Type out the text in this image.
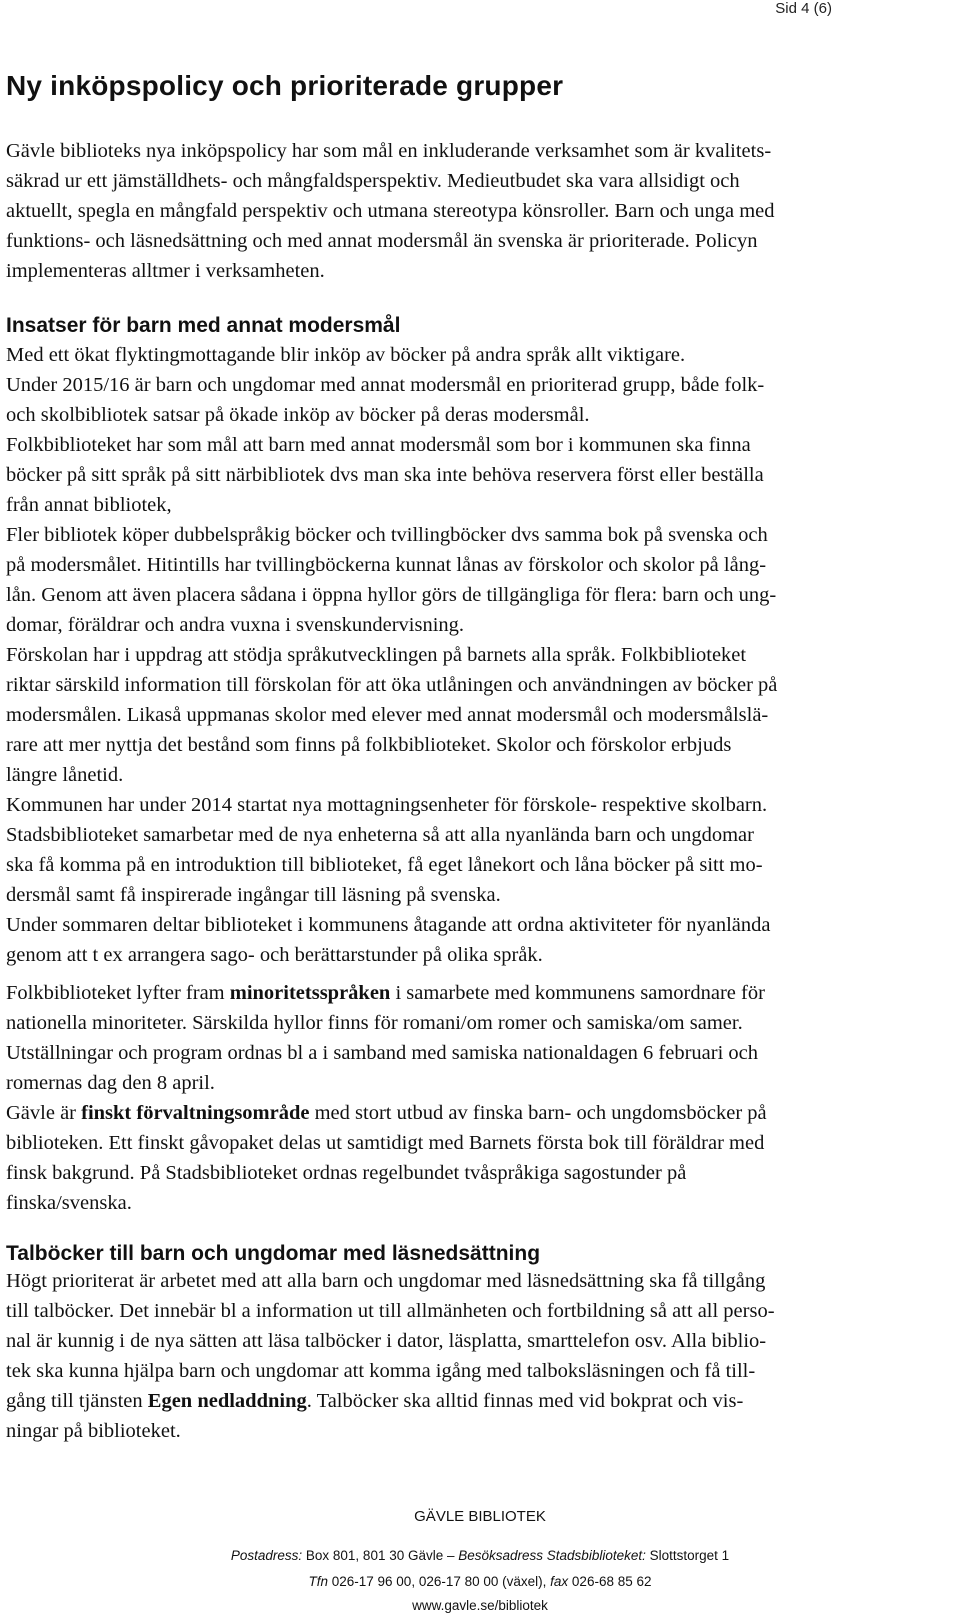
Sid 4 (6)
Ny inköpspolicy och prioriterade grupper
Gävle biblioteks nya inköpspolicy har som mål en inkluderande verksamhet som är kvalitets-
säkrad ur ett jämställdhets- och mångfaldsperspektiv. Medieutbudet ska vara allsidigt och
aktuellt, spegla en mångfald perspektiv och utmana stereotypa könsroller. Barn och unga med
funktions- och läsnedsättning och med annat modersmål än svenska är prioriterade. Policyn
implementeras alltmer i verksamheten.
Insatser för barn med annat modersmål
Med ett ökat flyktingmottagande blir inköp av böcker på andra språk allt viktigare.
Under 2015/16 är barn och ungdomar med annat modersmål en prioriterad grupp, både folk-
och skolbibliotek satsar på ökade inköp av böcker på deras modersmål.
Folkbiblioteket har som mål att barn med annat modersmål som bor i kommunen ska finna
böcker på sitt språk på sitt närbibliotek dvs man ska inte behöva reservera först eller beställa
från annat bibliotek,
Fler bibliotek köper dubbelspråkig böcker och tvillingböcker dvs samma bok på svenska och
på modersmålet. Hitintills har tvillingböckerna kunnat lånas av förskolor och skolor på lång-
lån. Genom att även placera sådana i öppna hyllor görs de tillgängliga för flera: barn och ung-
domar, föräldrar och andra vuxna i svenskundervisning.
Förskolan har i uppdrag att stödja språkutvecklingen på barnets alla språk. Folkbiblioteket
riktar särskild information till förskolan för att öka utlåningen och användningen av böcker på
modersmålen. Likaså uppmanas skolor med elever med annat modersmål och modersmålslä-
rare att mer nyttja det bestånd som finns på folkbiblioteket. Skolor och förskolor erbjuds
längre lånetid.
Kommunen har under 2014 startat nya mottagningsenheter för förskole- respektive skolbarn.
Stadsbiblioteket samarbetar med de nya enheterna så att alla nyanlända barn och ungdomar
ska få komma på en introduktion till biblioteket, få eget lånekort och låna böcker på sitt mo-
dersmål samt få inspirerade ingångar till läsning på svenska.
Under sommaren deltar biblioteket i kommunens åtagande att ordna aktiviteter för nyanlända
genom att t ex arrangera sago- och berättarstunder på olika språk.
Folkbiblioteket lyfter fram minoritetsspråken i samarbete med kommunens samordnare för
nationella minoriteter. Särskilda hyllor finns för romani/om romer och samiska/om samer.
Utställningar och program ordnas bl a i samband med samiska nationaldagen 6 februari och
romernas dag den 8 april.
Gävle är finskt förvaltningsområde med stort utbud av finska barn- och ungdomsböcker på
biblioteken. Ett finskt gåvopaket delas ut samtidigt med Barnets första bok till föräldrar med
finsk bakgrund. På Stadsbiblioteket ordnas regelbundet tvåspråkiga sagostunder på
finska/svenska.
Talböcker till barn och ungdomar med läsnedsättning
Högt prioriterat är arbetet med att alla barn och ungdomar med läsnedsättning ska få tillgång
till talböcker. Det innebär bl a information ut till allmänheten och fortbildning så att all perso-
nal är kunnig i de nya sätten att läsa talböcker i dator, läsplatta, smarttelefon osv. Alla biblio-
tek ska kunna hjälpa barn och ungdomar att komma igång med talboksläsningen och få till-
gång till tjänsten Egen nedladdning. Talböcker ska alltid finnas med vid bokprat och vis-
ningar på biblioteket.
GÄVLE BIBLIOTEK
Postadress: Box 801, 801 30 Gävle – Besöksadress Stadsbiblioteket: Slottstorget 1
Tfn 026-17 96 00, 026-17 80 00 (växel), fax 026-68 85 62
www.gavle.se/bibliotek
